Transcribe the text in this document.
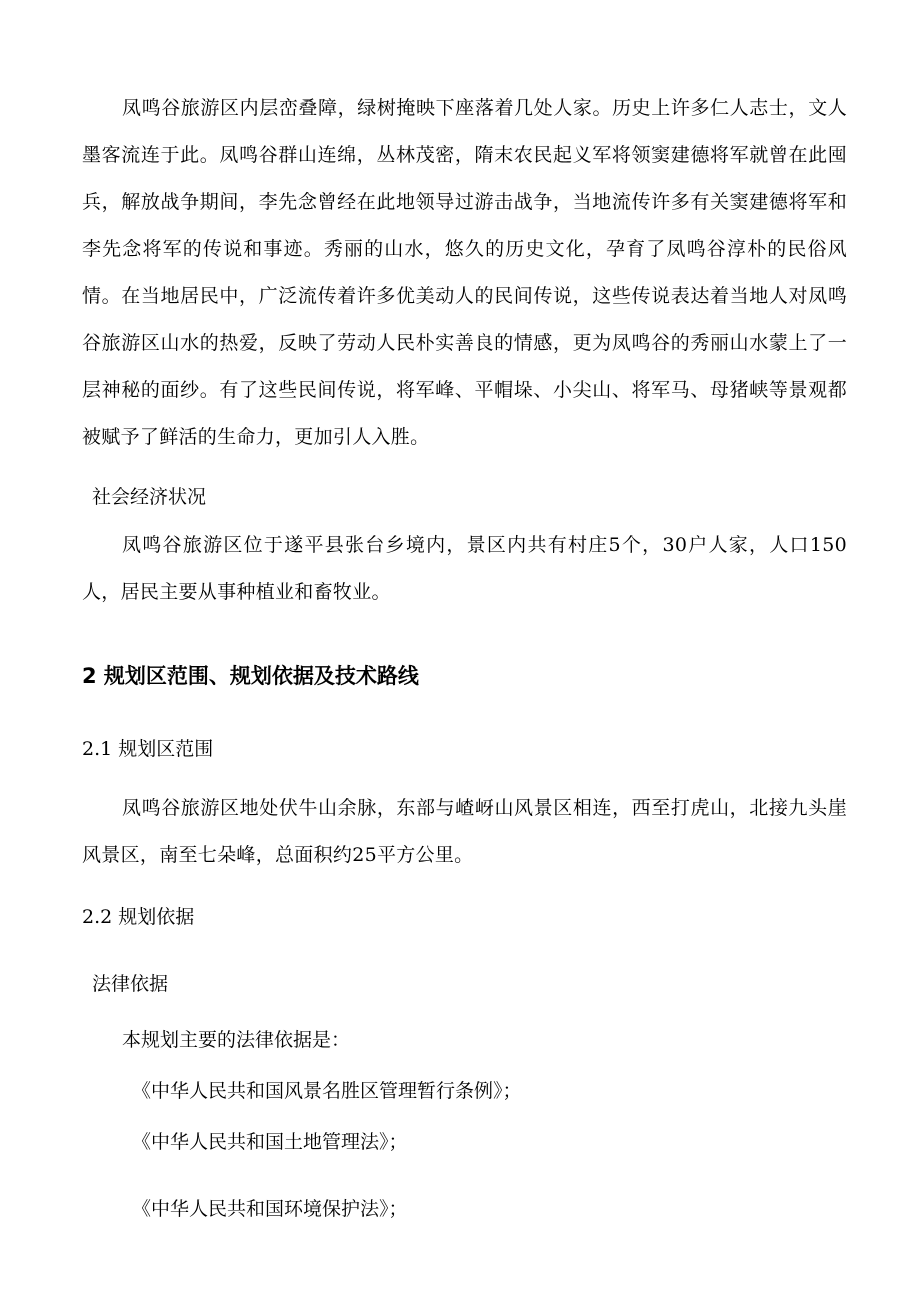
凤鸣谷旅游区内层峦叠障，绿树掩映下座落着几处人家。历史上许多仁人志士，文人墨客流连于此。凤鸣谷群山连绵，丛林茂密，隋末农民起义军将领窦建德将军就曾在此囤兵，解放战争期间，李先念曾经在此地领导过游击战争，当地流传许多有关窦建德将军和李先念将军的传说和事迹。秀丽的山水，悠久的历史文化，孕育了凤鸣谷淳朴的民俗风情。在当地居民中，广泛流传着许多优美动人的民间传说，这些传说表达着当地人对凤鸣谷旅游区山水的热爱，反映了劳动人民朴实善良的情感，更为凤鸣谷的秀丽山水蒙上了一层神秘的面纱。有了这些民间传说，将军峰、平帽垛、小尖山、将军马、母猪峡等景观都被赋予了鲜活的生命力，更加引人入胜。

社会经济状况

凤鸣谷旅游区位于遂平县张台乡境内，景区内共有村庄5个，30户人家，人口150人，居民主要从事种植业和畜牧业。

2 规划区范围、规划依据及技术路线

2.1 规划区范围

凤鸣谷旅游区地处伏牛山余脉，东部与嵖岈山风景区相连，西至打虎山，北接九头崖风景区，南至七朵峰，总面积约25平方公里。

2.2 规划依据

法律依据

本规划主要的法律依据是：

《中华人民共和国风景名胜区管理暂行条例》；

《中华人民共和国土地管理法》；

《中华人民共和国环境保护法》；
